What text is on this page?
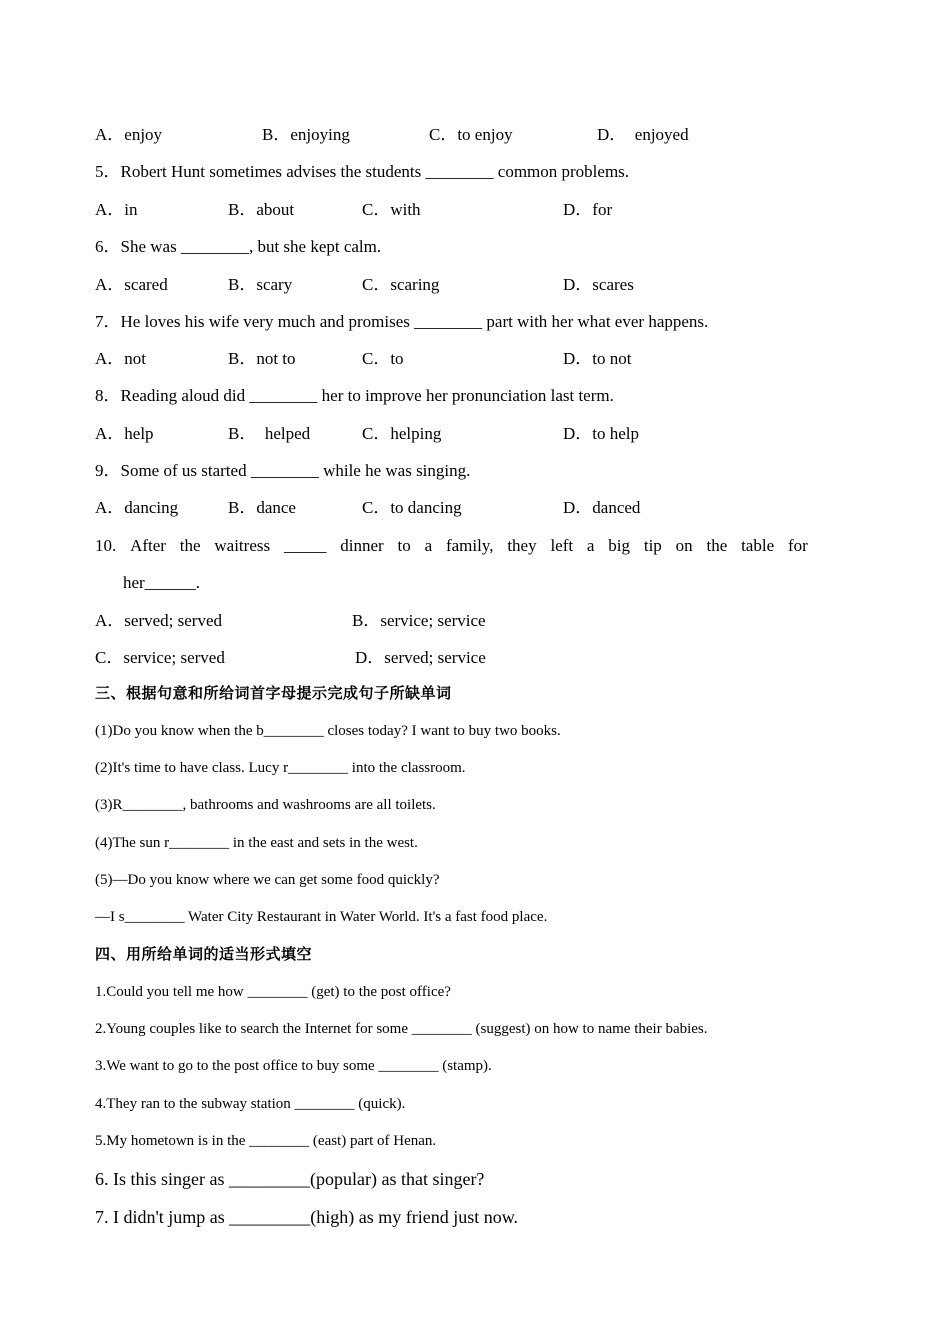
A．enjoy	B．enjoying	C．to enjoy	D．  enjoyed
5．Robert Hunt sometimes advises the students ________ common problems.
A．in	B．about	C．with	D．for
6．She was ________, but she kept calm.
A．scared	B．scary	C．scaring	D．scares
7．He loves his wife very much and promises ________ part with her what ever happens.
A．not	B．not to	C．to	D．to not
8．Reading aloud did ________ her to improve her pronunciation last term.
A．help	B．  helped	C．helping	D．to help
9．Some of us started ________ while he was singing.
A．dancing	B．dance	C．to dancing	D．danced
10. After the waitress _____ dinner to a family, they left a big tip on the table for
her______.
A．served; served	B．service; service
C．service; served	D．served; service
三、根据句意和所给词首字母提示完成句子所缺单词
(1)Do you know when the b________ closes today? I want to buy two books.
(2)It's time to have class. Lucy r________ into the classroom.
(3)R________, bathrooms and washrooms are all toilets.
(4)The sun r________ in the east and sets in the west.
(5)—Do you know where we can get some food quickly?
—I s________ Water City Restaurant in Water World. It's a fast food place.
四、用所给单词的适当形式填空
1.Could you tell me how ________ (get) to the post office?
2.Young couples like to search the Internet for some ________ (suggest) on how to name their babies.
3.We want to go to the post office to buy some ________ (stamp).
4.They ran to the subway station ________ (quick).
5.My hometown is in the ________ (east) part of Henan.
6. Is this singer as _________(popular) as that singer?
7. I didn't jump as _________(high) as my friend just now.
